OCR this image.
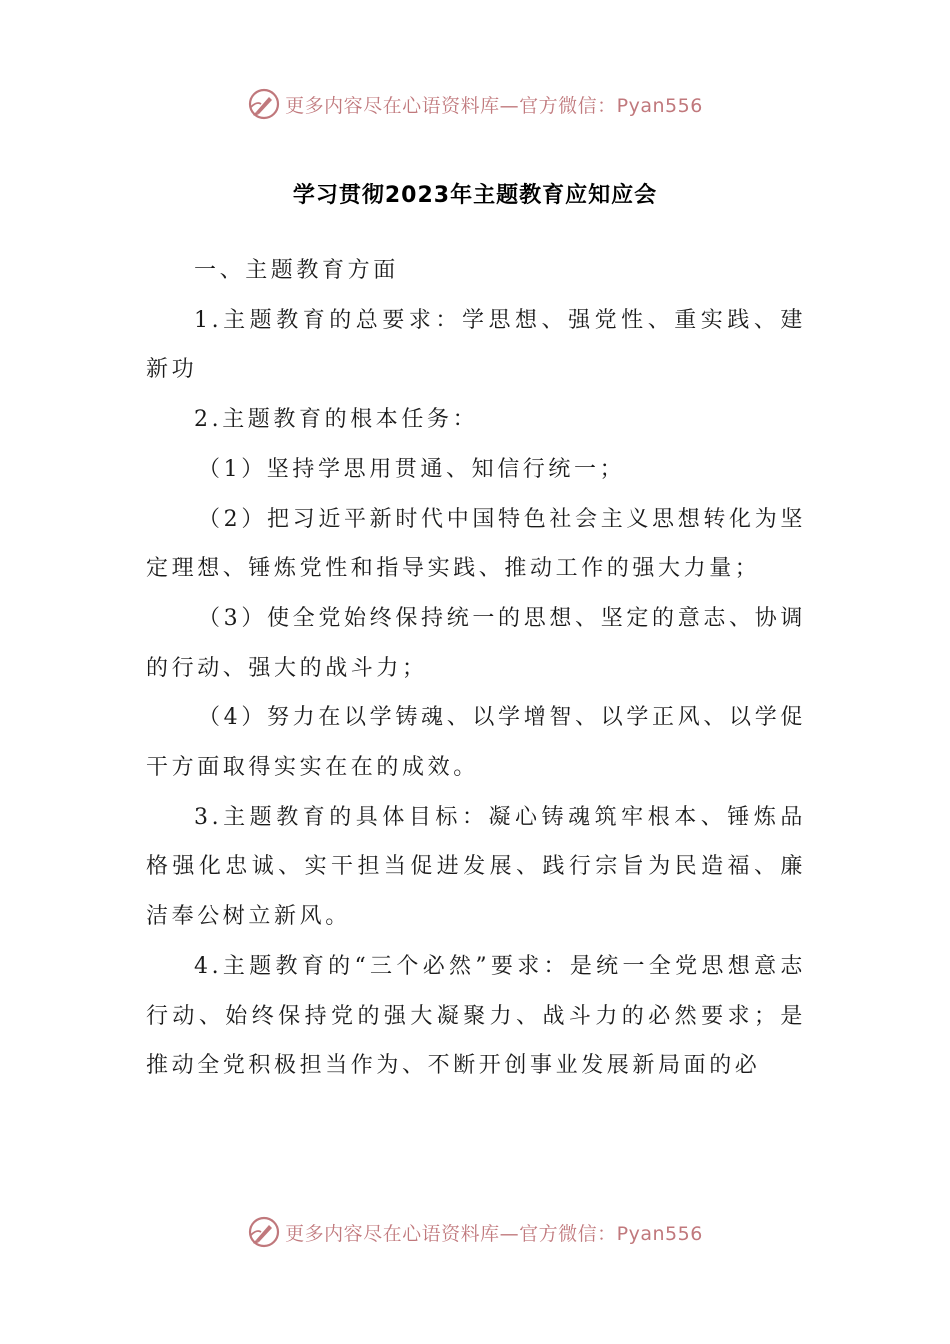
更多内容尽在心语资料库—官方微信：Pyan556
学习贯彻2023年主题教育应知应会

一、主题教育方面

1.主题教育的总要求：学思想、强党性、重实践、建新功

2.主题教育的根本任务：

（1）坚持学思用贯通、知信行统一；

（2）把习近平新时代中国特色社会主义思想转化为坚定理想、锤炼党性和指导实践、推动工作的强大力量；

（3）使全党始终保持统一的思想、坚定的意志、协调的行动、强大的战斗力；

（4）努力在以学铸魂、以学增智、以学正风、以学促干方面取得实实在在的成效。

3.主题教育的具体目标：凝心铸魂筑牢根本、锤炼品格强化忠诚、实干担当促进发展、践行宗旨为民造福、廉洁奉公树立新风。

4.主题教育的“三个必然”要求：是统一全党思想意志行动、始终保持党的强大凝聚力、战斗力的必然要求；是推动全党积极担当作为、不断开创事业发展新局面的必

更多内容尽在心语资料库—官方微信：Pyan556
